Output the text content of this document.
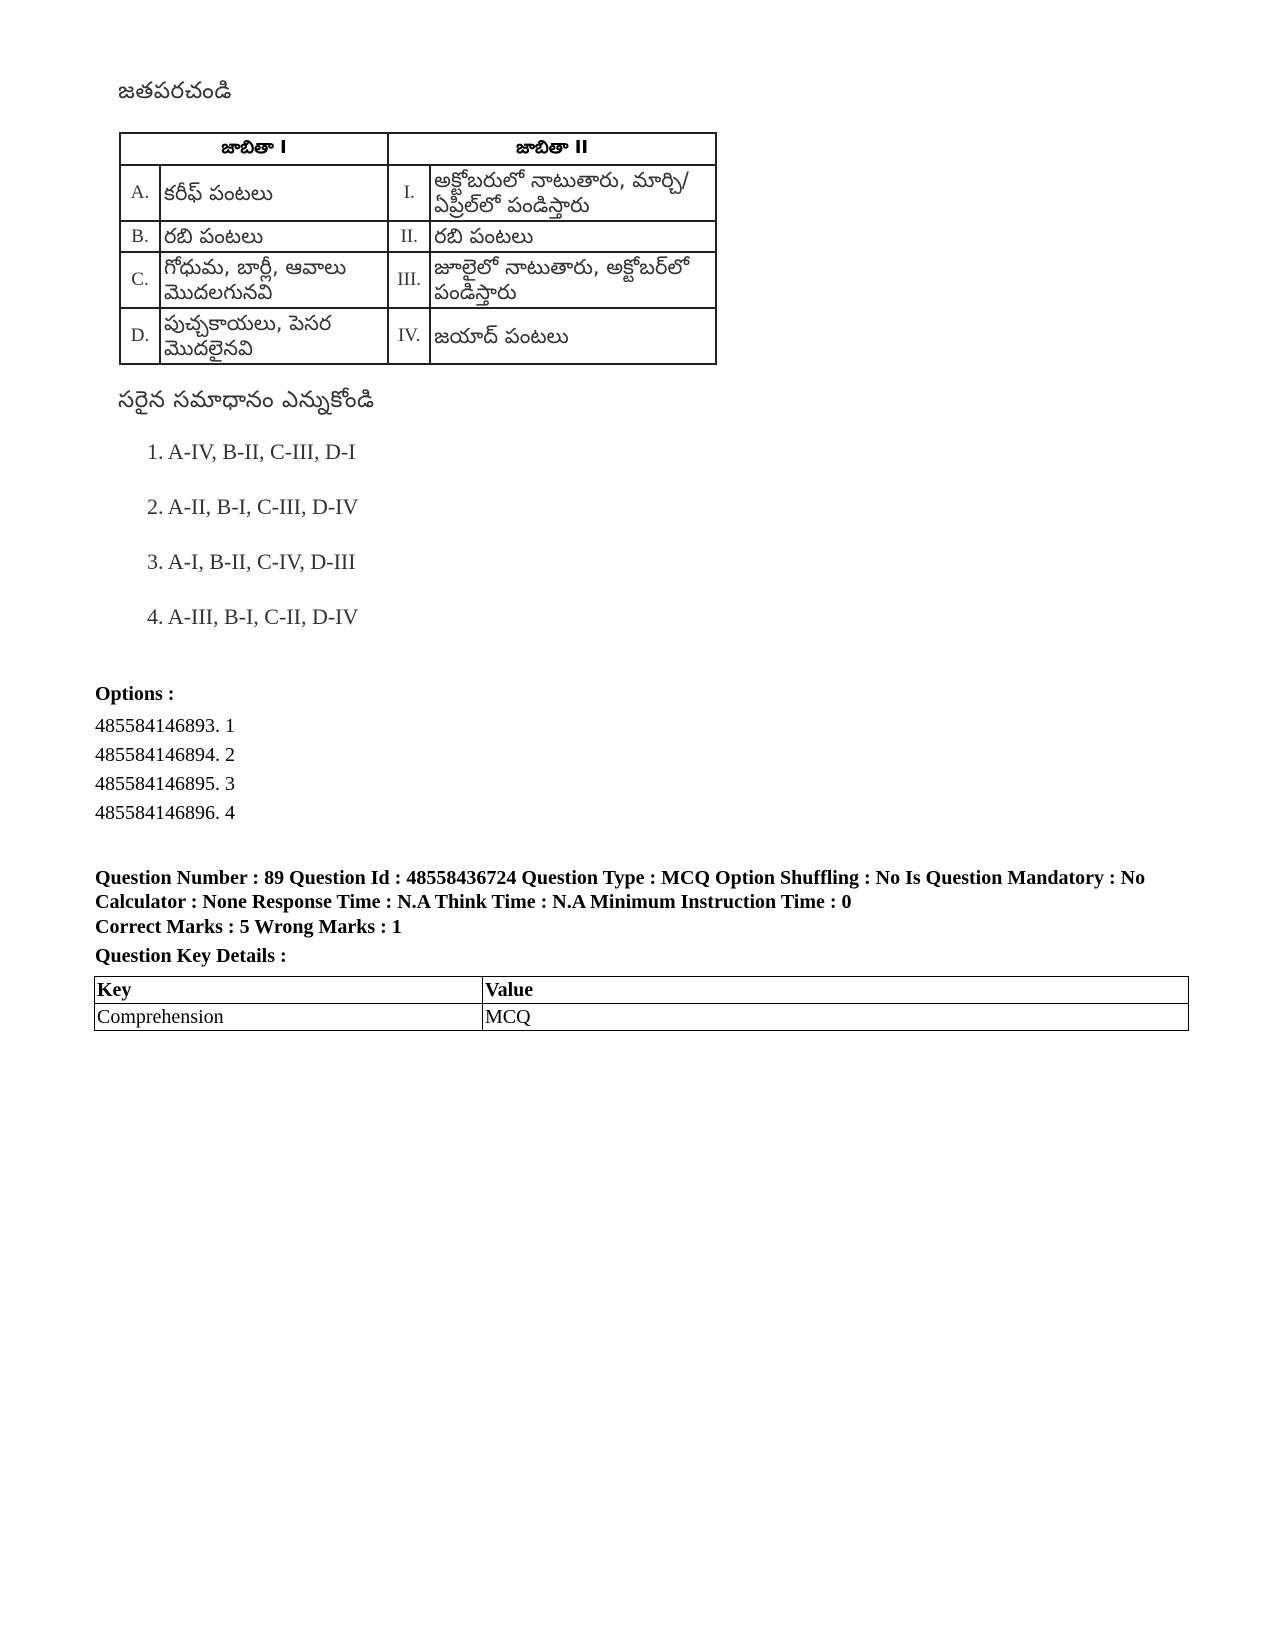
జతపరచండి
జాబితా I		జాబితా II	
A.	కరీఫ్ పంటలు	I.	అక్టోబరులో నాటుతారు, మార్చి/ ఏప్రిల్‌లో పండిస్తారు
B.	రబి పంటలు	II.	రబి పంటలు
C.	గోధుమ, బార్లీ, ఆవాలు మొదలగునవి	III.	జూలైలో నాటుతారు, అక్టోబర్‌లో పండిస్తారు
D.	పుచ్చకాయలు, పెసర మొదలైనవి	IV.	జయాద్ పంటలు
సరైన సమాధానం ఎన్నుకోండి
1. A-IV, B-II, C-III, D-I
2. A-II, B-I, C-III, D-IV
3. A-I, B-II, C-IV, D-III
4. A-III, B-I, C-II, D-IV
Options :
485584146893. 1
485584146894. 2
485584146895. 3
485584146896. 4
Question Number : 89 Question Id : 48558436724 Question Type : MCQ Option Shuffling : No Is Question Mandatory : No Calculator : None Response Time : N.A Think Time : N.A Minimum Instruction Time : 0
Correct Marks : 5 Wrong Marks : 1
Question Key Details :
Key	Value
Comprehension	MCQ
